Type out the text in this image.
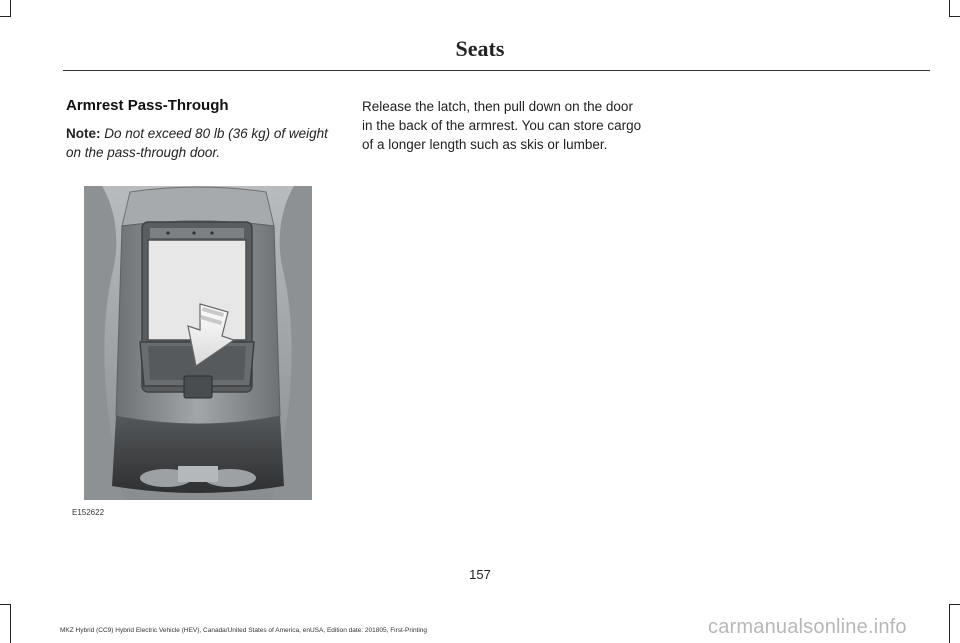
Seats
Armrest Pass-Through
Note: Do not exceed 80 lb (36 kg) of weight on the pass-through door.
Release the latch, then pull down on the door in the back of the armrest. You can store cargo of a longer length such as skis or lumber.
E152622
157
MKZ Hybrid (CC9) Hybrid Electric Vehicle (HEV), Canada/United States of America, enUSA, Edition date: 201805, First-Printing	carmanualsonline.info
